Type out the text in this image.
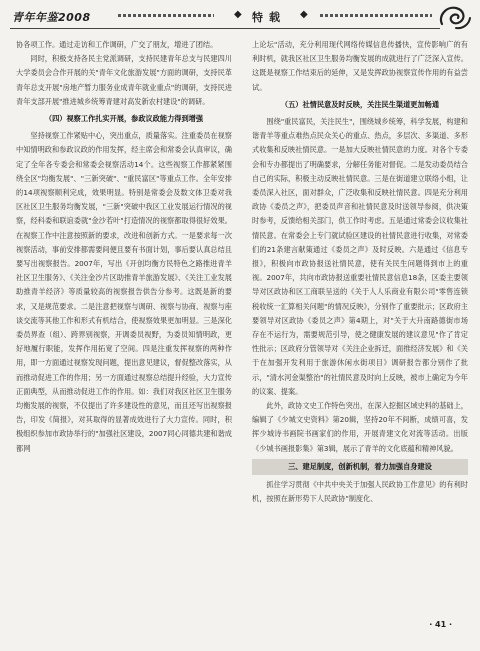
青年年鉴2008	◆ 特载 ◆

协各项工作。通过走访和工作调研，广交了朋友，增进了团结。

同时，积极支持各民主党派调研，支持民建青年总支与民建四川大学委员会合作开展的关"青年文化旅游发展"方面的调研，支持民革青年总支开展"房地产暂力服务业成青年就业重点"的调研，支持民进青年支部开展"推进城乡统筹青建对高发新农村建设"的调研。

（四）视察工作扎实开展，参政议政能力得到增强

坚持视察工作紧贴中心，突出重点，质量落实。注重委员在视察中知情明政和参政议政的作用发挥，经主席会和常委会认真审议，确定了全年各专委会和常委会视察活动14个。这些视察工作都紧紧围绕全区"均衡发展"、"三新突破"、"重民富区"等重点工作。全年安排的14项视察顺利完成，效果明显。特别是常委会及数文体卫委对我区社区卫生服务均衡发展，"三新"突破中我区工业发展运行情况的视察，经科委和联谊委就"金沙若叶"打造情况的视察都取得很好效果。在视察工作中注意按照新的要求，改进和创新方式。一是要求每一次视察活动，事前安排都需要间便且要有书面计划，事后要认真总结且要写出视察报告。2007年，写出《开创均衡方民特色之路推进青羊社区卫生服务》、《关注金沙片区助推青羊旅游发展》、《关注工业发展助推青羊经济》等质量较高的视察报告供告分参考。这既是新的要求，又是规范要求。二是注意把视察与调研、视察与协商、视察与座谈交流等其他工作和形式有机结合，使视察效果更加明显。三是深化委员界查（组）、跨界别视察，开调委员视野，为委员知情明政，更好地履行职能，发挥作用拓宽了空间。四是注重发挥视察的两种作用，即一方面通过视察发现问题，提出意见建议，督促整改落实，从而推动促进工作的作用；另一方面通过视察总结提升经验，大力宣传正面典型，从而推动促进工作的作用。如：我们对我区社区卫生服务均衡发展的视察，不仅提出了许多建设性的意见，而且还写出视察报告，印发《简报》，对其取得的显著成效进行了大力宣传。同时，积极组织参加市政协举行的"加强社区建设，2007同心同德共建和谐成都网

上论坛"活动，充分利用现代网络传媒信息传播快，宣传影响广的有利时机，就我区社区卫生服务均衡发展的成就进行了广泛深入宣传。这既是视察工作结束后的延伸，又是发挥政协视察宣传作用的有益尝试。

（五）社情民意及时反映，关注民生渠道更加畅通

围绕"重民富民，关注民生"，围绕城乡统筹，科学发展，构建和谐青羊等重点难热点民众关心的重点、热点，多层次、多渠道、多形式收集和反映社情民意。一是加大反映社情民意的力度。对各个专委会和专办都提出了明确要求，分解任务能对督促。二是发动委员结合自己的实际，积极主动反映社情民意。三是在街道建立联络小组，让委员深入社区，面对群众，广泛收集和反映社情民意。四是充分利用政协《委员之声》，把委员声音和社情民意及时送领导参阅，供决策时参考，反馈给相关部门，供工作时考虑。五是通过常委会议收集社情民意。在常委会上专门就试验区建设的社情民意进行收集，对常委们的21条建言献策通过《委员之声》及时反映。六是通过《信息专报》，积极向市政协报送社情民意，使有关民生问题得到市上的重视。2007年，共向市政协报送重要社情民意信息18条，区委主要领导对区政协和区工商联呈送的《关于人人乐商业有限公司"零售连锁税收统一汇算相关问题"的情况反映》，分别作了重要批示；区政府主要领导对区政协《委员之声》第4期上，对"关于大升南路德街市场存在不运行为，需要规范引导，使之健康发展的建议意见"作了肯定性批示；区政府分管领导对《关注企业拆迁，面推经济发展》和《关于在加强开发利用于旅游休闲水街项目》调研报告都分别作了批示，"清水河金渠整治"的社情民意及时向上反映，被市上确定为今年的议案、提案。

此外，政协文史工作特色突出，在深入挖掘区域史料的基础上，编辑了《少城文史资料》第20辑，坚持20年不间断，成绩可喜，发挥少城诗书画院书画家们的作用，开展青建文化对流等活动。出版《少城书画报影集》第3辑，展示了青羊的文化底蕴和精神风貌。

三、建足制度，创新机制，着力加强自身建设

抓住学习贯彻《中共中央关于加强人民政协工作意见》的有利时机，按照在新形势下人民政协"制度化、

· 41 ·
